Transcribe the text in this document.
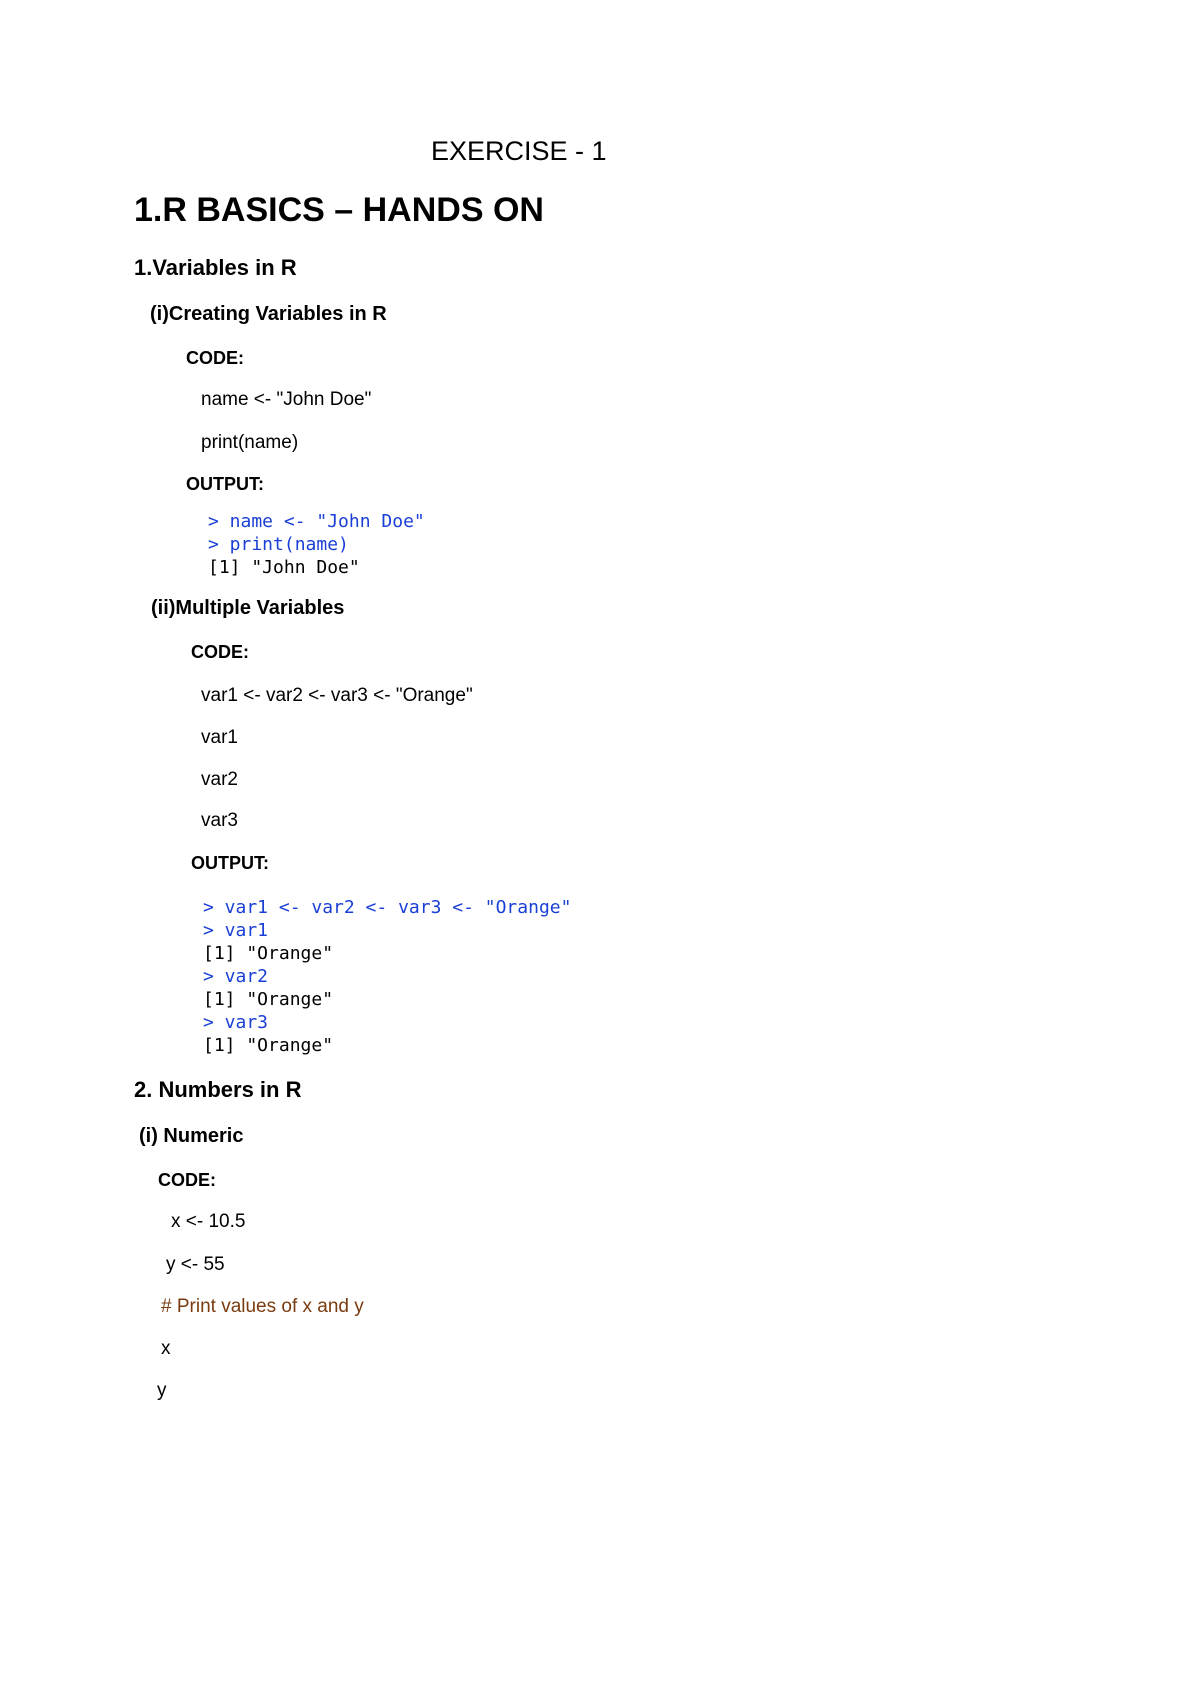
EXERCISE - 1

1.R BASICS – HANDS ON

1.Variables in R

(i)Creating Variables in R

CODE:

name <- "John Doe"

print(name)

OUTPUT:

> name <- "John Doe"
> print(name)
[1] "John Doe"

(ii)Multiple Variables

CODE:

var1 <- var2 <- var3 <- "Orange"

var1

var2

var3

OUTPUT:

> var1 <- var2 <- var3 <- "Orange"
> var1
[1] "Orange"
> var2
[1] "Orange"
> var3
[1] "Orange"

2. Numbers in R

(i) Numeric

CODE:

x <- 10.5

y <- 55

# Print values of x and y

x

y
